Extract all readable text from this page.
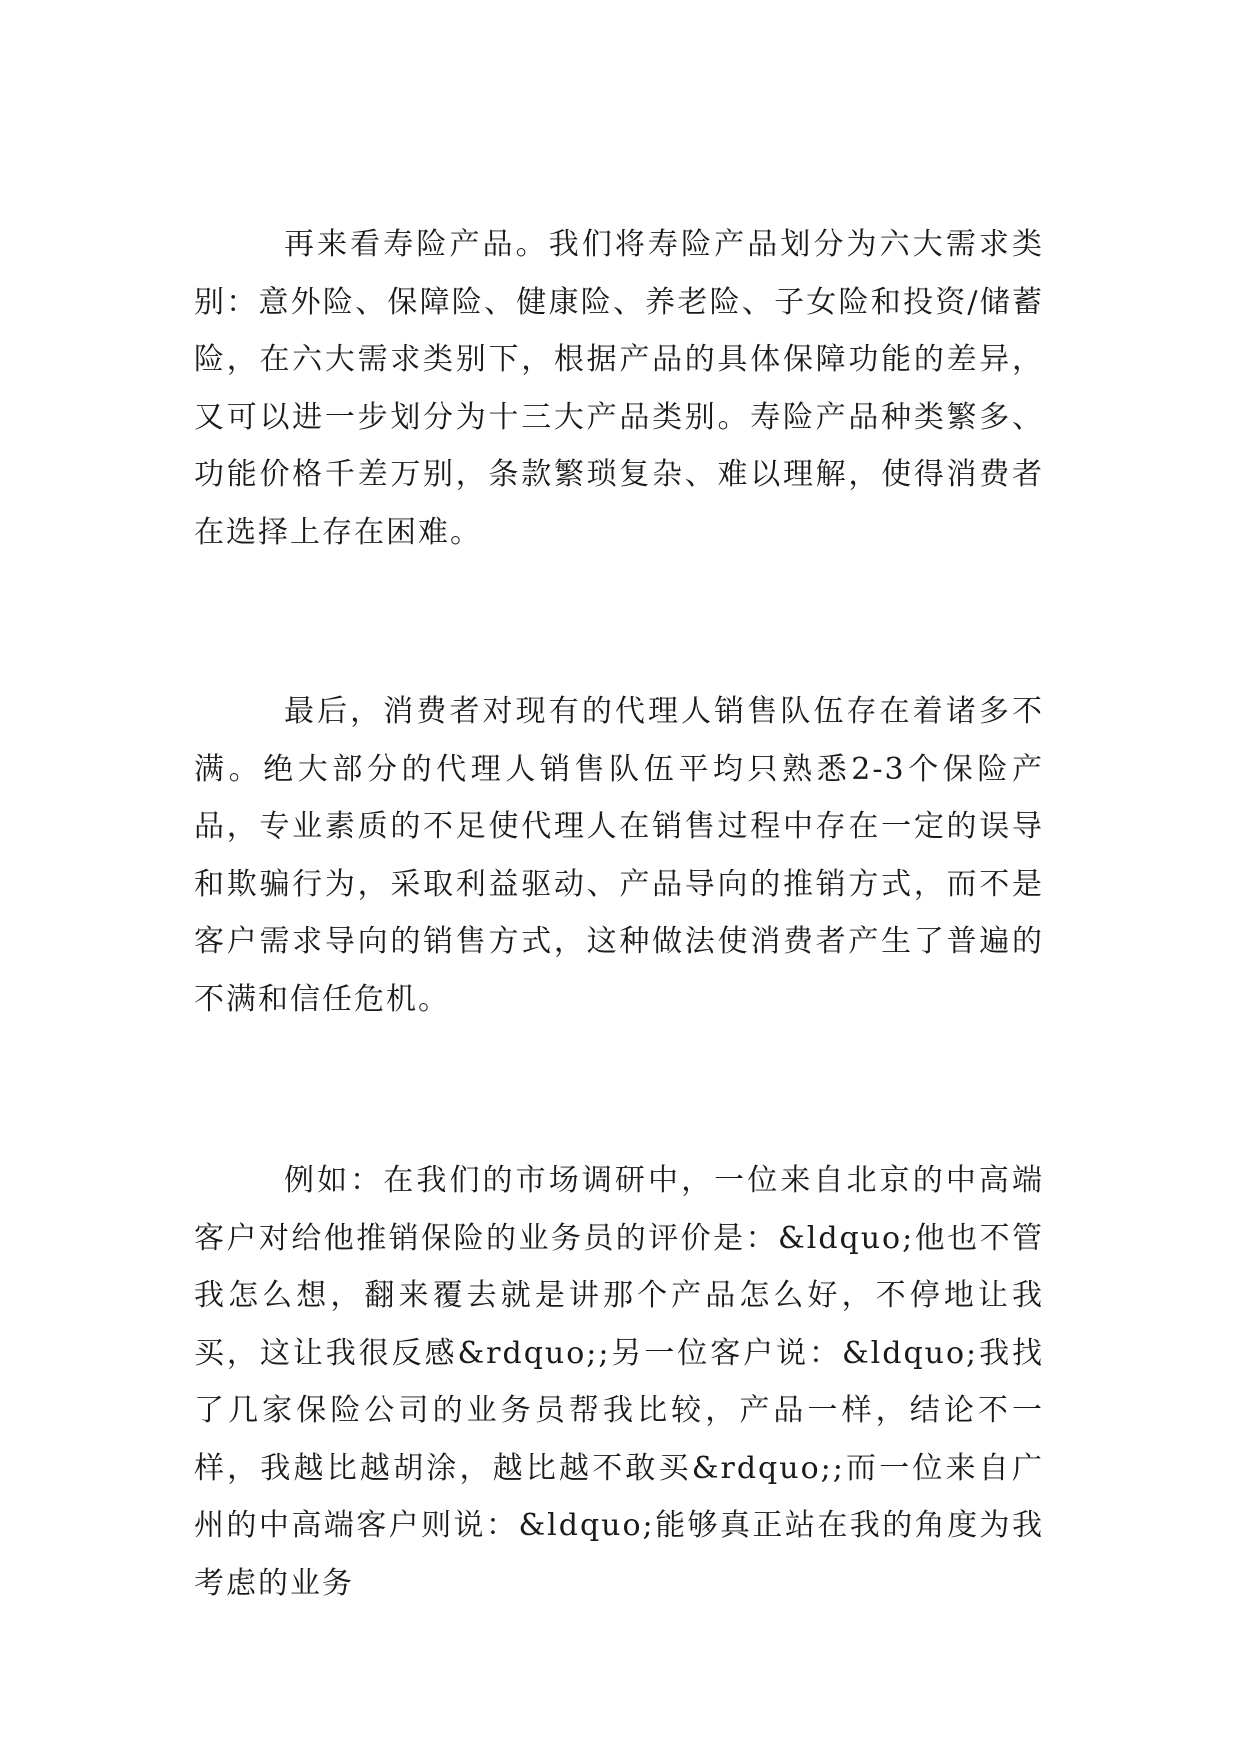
再来看寿险产品。我们将寿险产品划分为六大需求类别：意外险、保障险、健康险、养老险、子女险和投资/储蓄险，在六大需求类别下，根据产品的具体保障功能的差异，又可以进一步划分为十三大产品类别。寿险产品种类繁多、功能价格千差万别，条款繁琐复杂、难以理解，使得消费者在选择上存在困难。

最后，消费者对现有的代理人销售队伍存在着诸多不满。绝大部分的代理人销售队伍平均只熟悉2-3个保险产品，专业素质的不足使代理人在销售过程中存在一定的误导和欺骗行为，采取利益驱动、产品导向的推销方式，而不是客户需求导向的销售方式，这种做法使消费者产生了普遍的不满和信任危机。

例如：在我们的市场调研中，一位来自北京的中高端客户对给他推销保险的业务员的评价是：&ldquo;他也不管我怎么想，翻来覆去就是讲那个产品怎么好，不停地让我买，这让我很反感&rdquo;;另一位客户说：&ldquo;我找了几家保险公司的业务员帮我比较，产品一样，结论不一样，我越比越胡涂，越比越不敢买&rdquo;;而一位来自广州的中高端客户则说：&ldquo;能够真正站在我的角度为我考虑的业务
